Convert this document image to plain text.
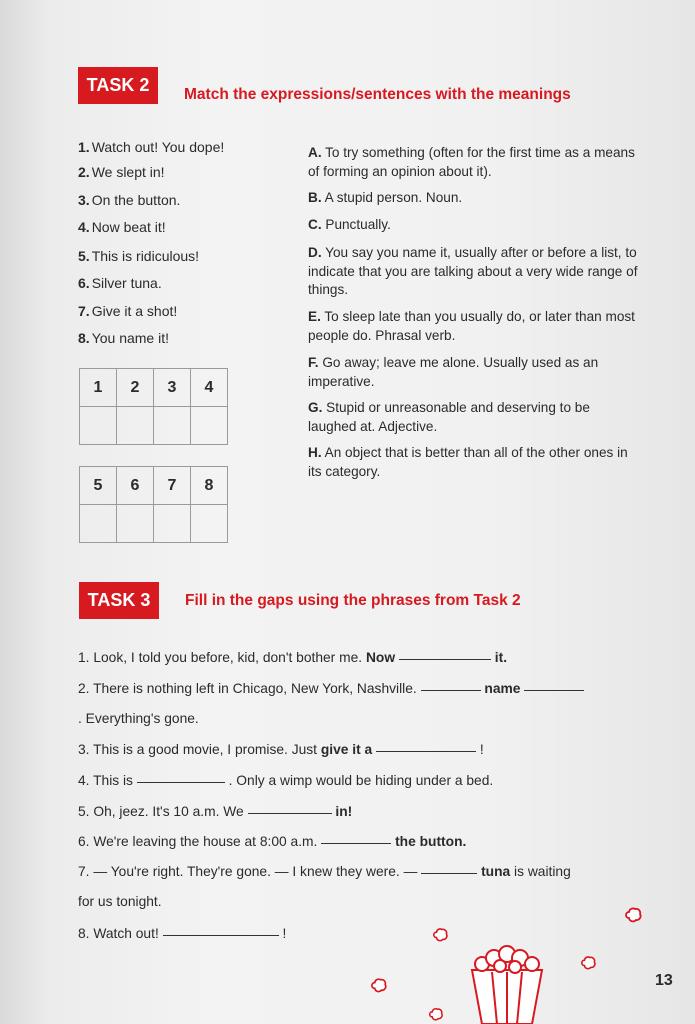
TASK 2	Match the expressions/sentences with the meanings
1. Watch out! You dope!
2. We slept in!
3. On the button.
4. Now beat it!
5. This is ridiculous!
6. Silver tuna.
7. Give it a shot!
8. You name it!
1	2	3	4

5	6	7	8

A. To try something (often for the first time as a means of forming an opinion about it).
B. A stupid person. Noun.
C. Punctually.
D. You say you name it, usually after or before a list, to indicate that you are talking about a very wide range of things.
E. To sleep late than you usually do, or later than most people do. Phrasal verb.
F. Go away; leave me alone. Usually used as an imperative.
G. Stupid or unreasonable and deserving to be laughed at. Adjective.
H. An object that is better than all of the other ones in its category.
TASK 3	Fill in the gaps using the phrases from Task 2
1. Look, I told you before, kid, don't bother me. Now	it.
2. There is nothing left in Chicago, New York, Nashville.	name
. Everything's gone.
3. This is a good movie, I promise. Just give it a	!
4. This is	. Only a wimp would be hiding under a bed.
5. Oh, jeez. It's 10 a.m. We	in!
6. We're leaving the house at 8:00 a.m.	the button.
7. — You're right. They're gone. — I knew they were. —	tuna is waiting
for us tonight.
8. Watch out!	!
13
